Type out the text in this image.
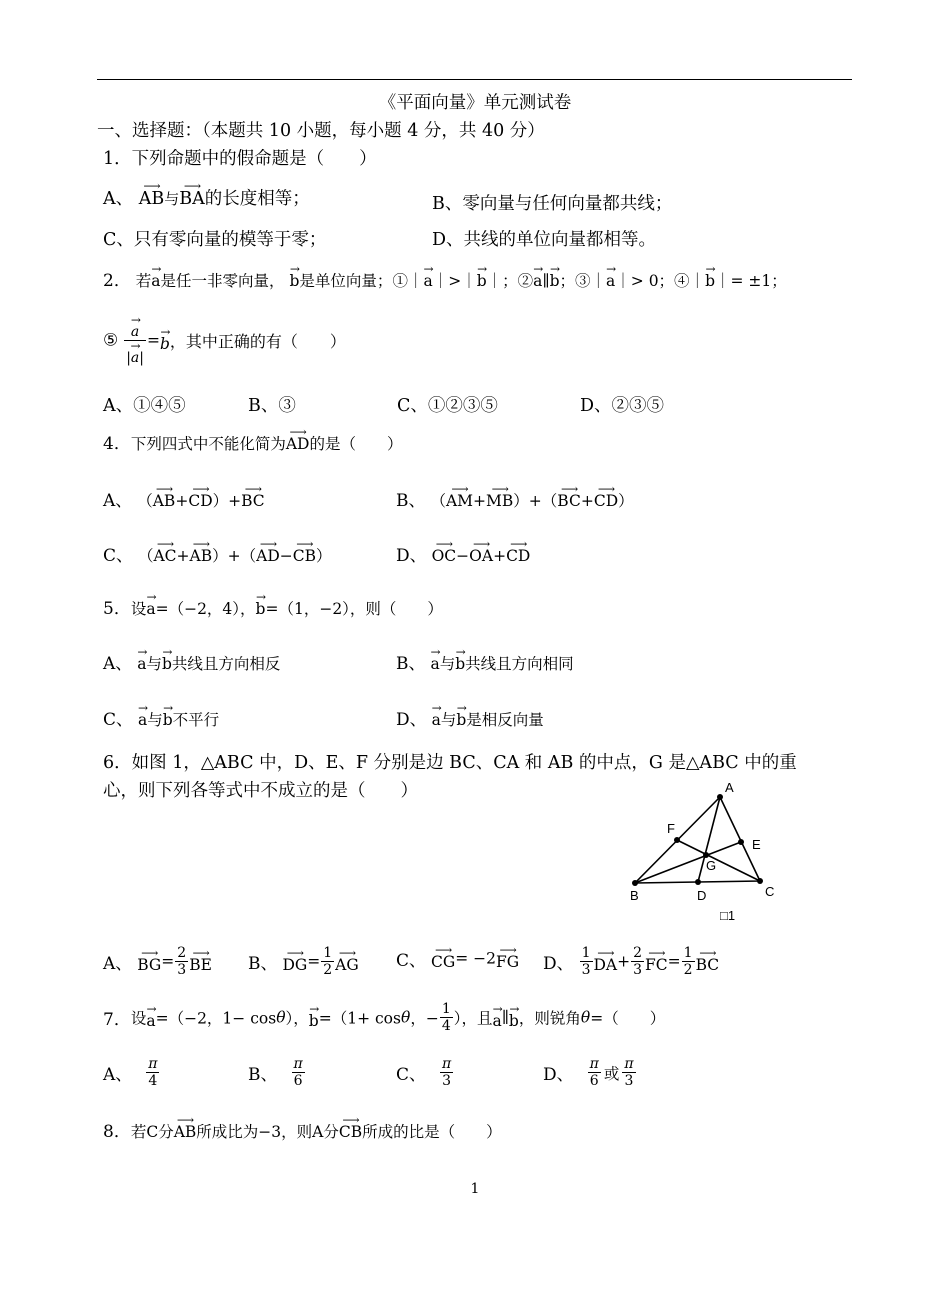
《平面向量》单元测试卷
一、选择题：（本题共 10 小题，每小题 4 分，共 40 分）
1．下列命题中的假命题是（　　）
A、
⟶
AB与
⟶
BA的长度相等；	B、零向量与任何向量都共线；
C、只有零向量的模等于零；	D、共线的单位向量都相等。
2． 若
→
a是任一非零向量，
→
b是单位向量；①｜
→
a｜>｜
→
b｜；②
→
a∥
→
b；③｜
→
a｜> 0；④｜
→
b｜= ±1；
⑤ →
a
→
|a| = →
b，其中正确的有（　　）
A、①④⑤	B、③	C、①②③⑤	D、②③⑤
4．下列四式中不能化简为
⟶
AD的是（　　）
A、 （
⟶
AB+
⟶
CD）+
⟶
BC	B、 （
⟶
AM+
⟶
MB）+（
⟶
BC+
⟶
CD）
C、 （
⟶
AC+
⟶
AB）+（
⟶
AD−
⟶
CB）	D、
⟶
OC−
⟶
OA+
⟶
CD
5．设
→
a=（−2，4），
→
b=（1，−2），则（　　）
A、
→
a与
→
b共线且方向相反	B、
→
a与
→
b共线且方向相同
C、
→
a与
→
b不平行	D、
→
a与
→
b是相反向量
6．如图 1，△ABC 中，D、E、F 分别是边 BC、CA 和 AB 的中点，G 是△ABC 中的重
心，则下列各等式中不成立的是（　　）	A
B	C
D
E
F
G
□1
A、
⟶
$BG= \frac{2}{3}$ ⟶
BE B、
⟶
$DG= \frac{1}{2}$ ⟶
AG C、
⟶
CG= −2 ⟶
FG D、 $\frac{1}{3}$ ⟶
$DA+ \frac{2}{3}$ ⟶
$FC= \frac{1}{2}$ ⟶
BC
7．设
→
a=（−2，1− cosθ），
→
b=（1+ cosθ，− $\frac{1}{4}$ ），且
→
a∥ →
b，则锐角θ=（　　）
A、 $\frac{\pi}{4}$	B、 $\frac{\pi}{6}$	C、 $\frac{\pi}{3}$	D、 $\frac{\pi}{6}$ 或 $\frac{\pi}{3}$
8．若C分
⟶
AB所成比为−3，则A分
⟶
CB所成的比是（　　）
1
